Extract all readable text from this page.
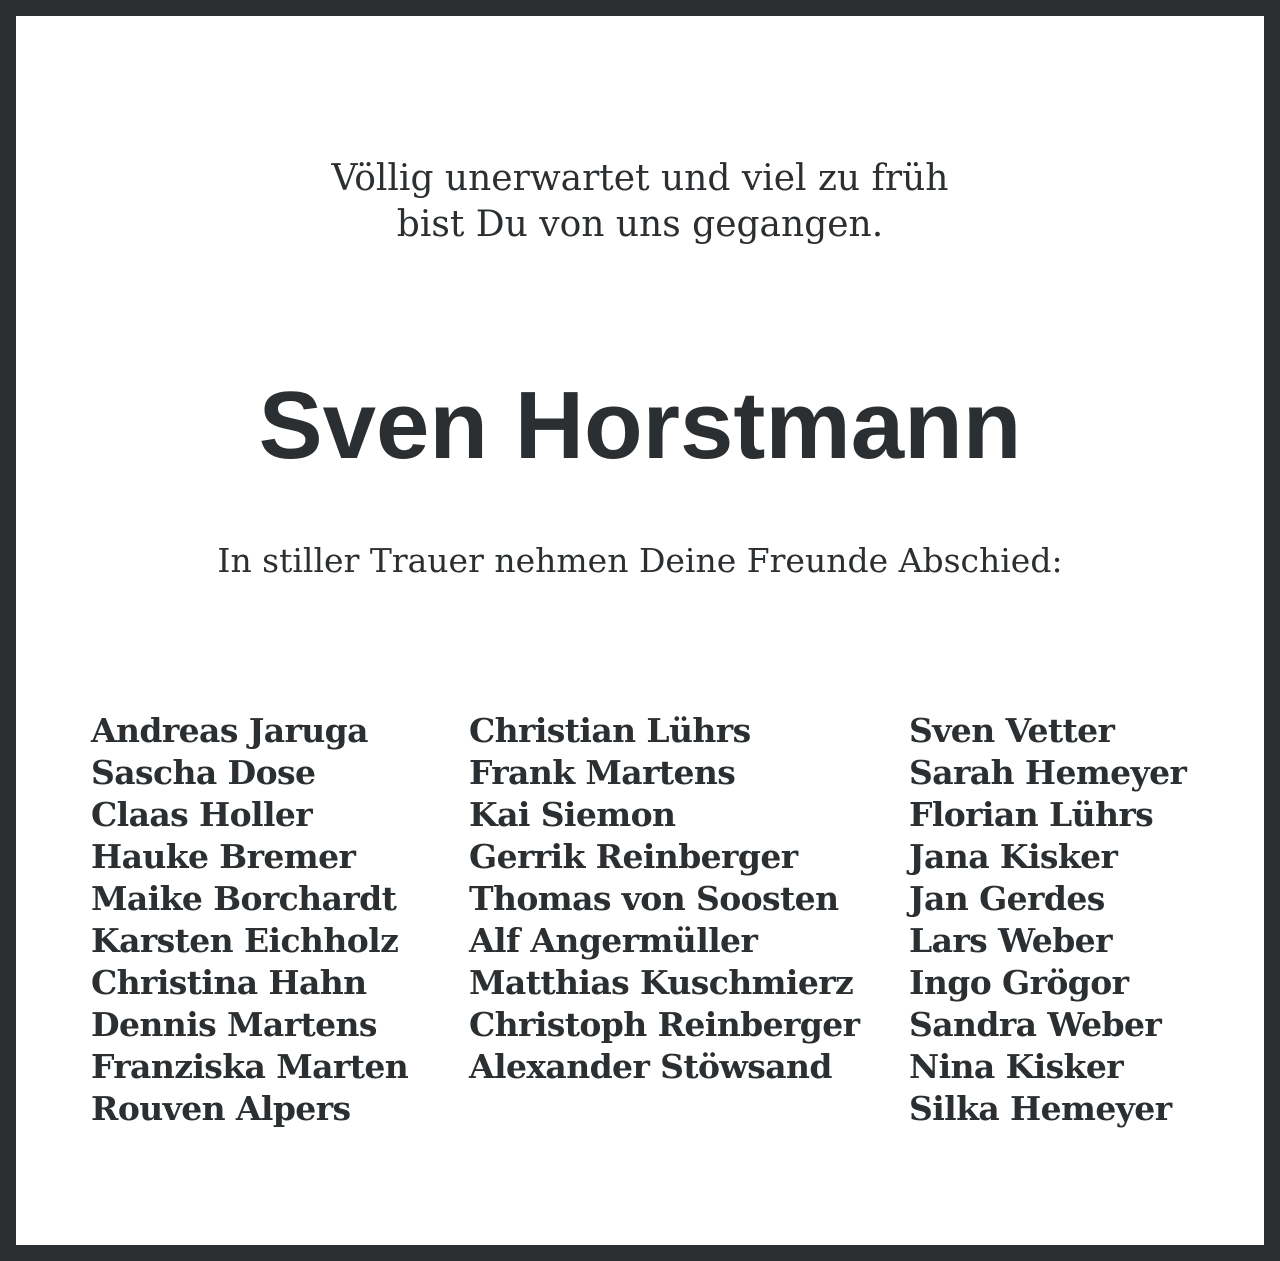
Völlig unerwartet und viel zu früh
bist Du von uns gegangen.
Sven Horstmann
In stiller Trauer nehmen Deine Freunde Abschied:
Andreas Jaruga
Sascha Dose
Claas Holler
Hauke Bremer
Maike Borchardt
Karsten Eichholz
Christina Hahn
Dennis Martens
Franziska Marten
Rouven Alpers
Christian Lührs
Frank Martens
Kai Siemon
Gerrik Reinberger
Thomas von Soosten
Alf Angermüller
Matthias Kuschmierz
Christoph Reinberger
Alexander Stöwsand
Sven Vetter
Sarah Hemeyer
Florian Lührs
Jana Kisker
Jan Gerdes
Lars Weber
Ingo Grögor
Sandra Weber
Nina Kisker
Silka Hemeyer
